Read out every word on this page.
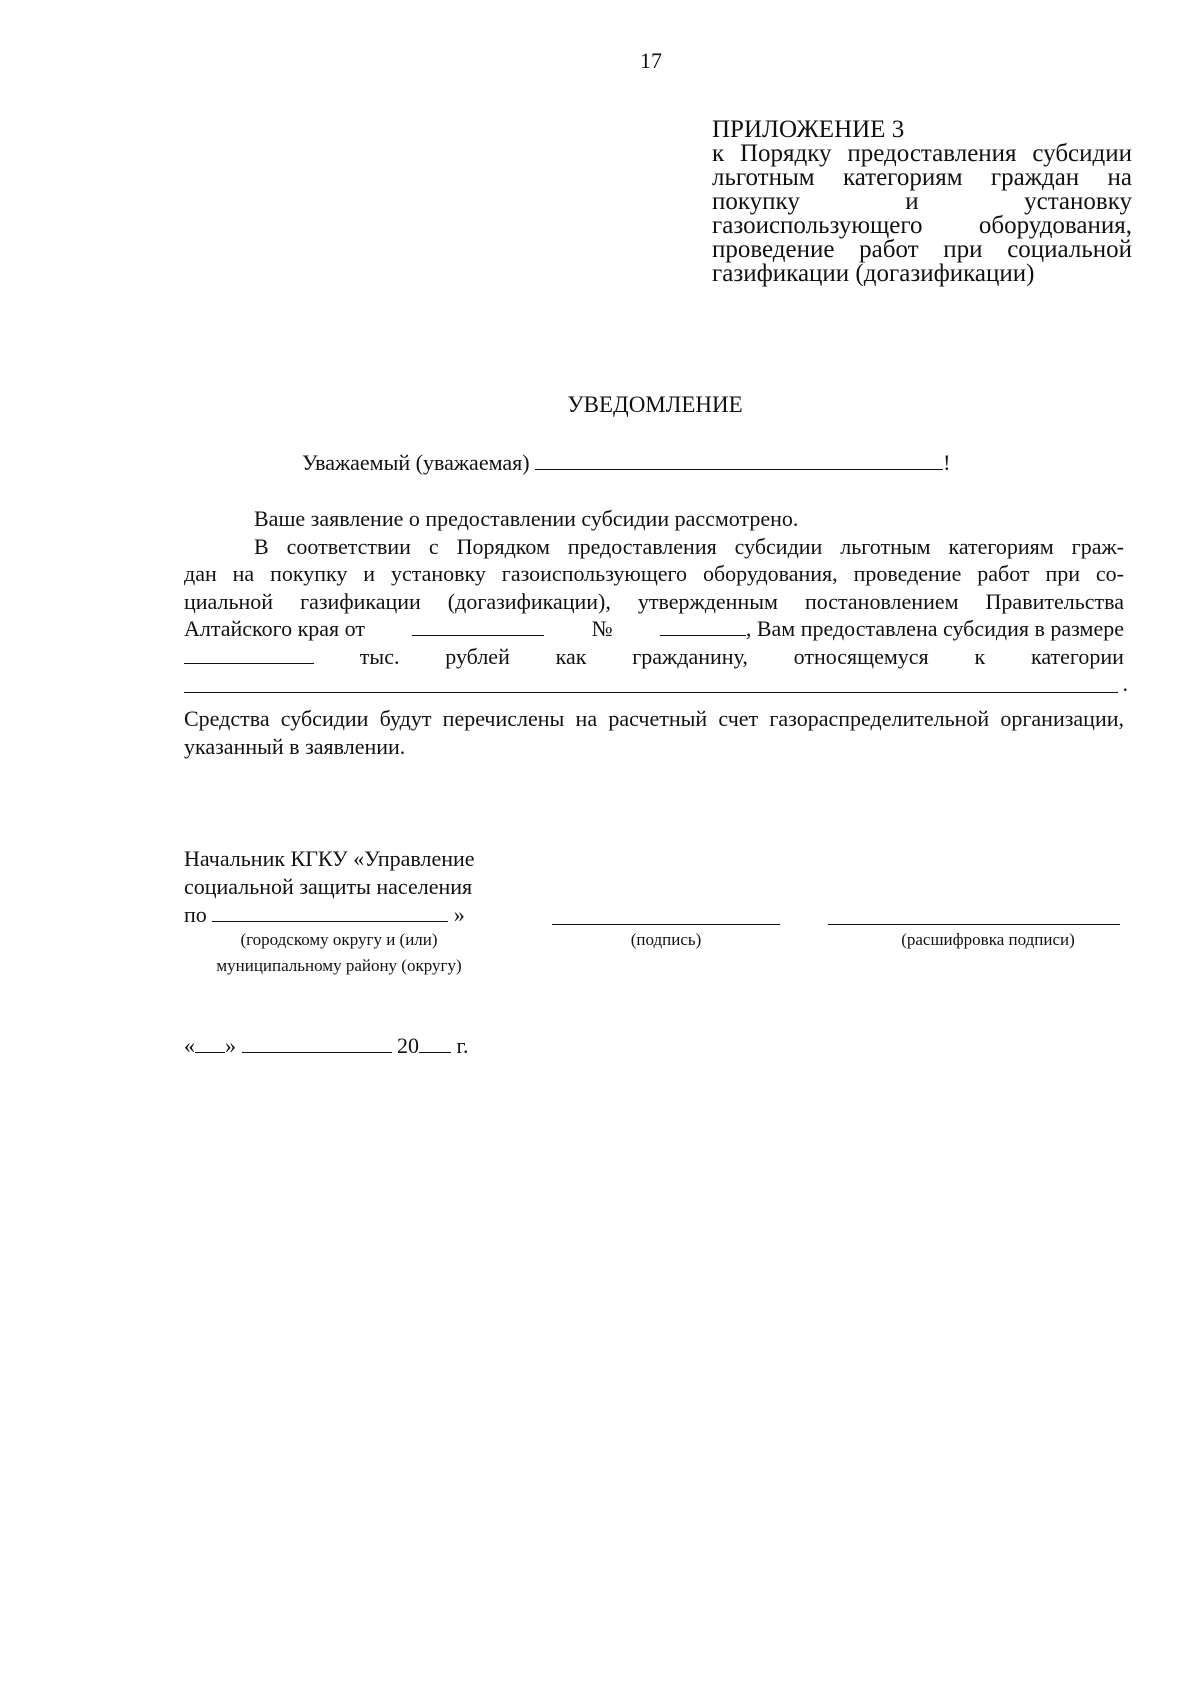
17
ПРИЛОЖЕНИЕ 3
к Порядку предоставления субсидии льготным категориям граждан на покупку и установку газоиспользующего оборудования, проведение работ при социальной газификации (догазификации)
УВЕДОМЛЕНИЕ
Уважаемый (уважаемая)	!

Ваше заявление о предоставлении субсидии рассмотрено.

В соответствии с Порядком предоставления субсидии льготным категориям граж-

дан на покупку и установку газоиспользующего оборудования, проведение работ при со-

циальной газификации (догазификации), утвержденным постановлением Правительства

Алтайского края от	№	, Вам предоставлена субсидия в размере
тыс. рублей как гражданину, относящемуся к категории
.

Средства субсидии будут перечислены на расчетный счет газораспределительной организации, указанный в заявлении.

Начальник КГКУ «Управление
социальной защиты населения
по	»
(городскому округу и (или)
муниципальному району (округу)
(подпись)	(расшифровка подписи)
« »	20 г.
